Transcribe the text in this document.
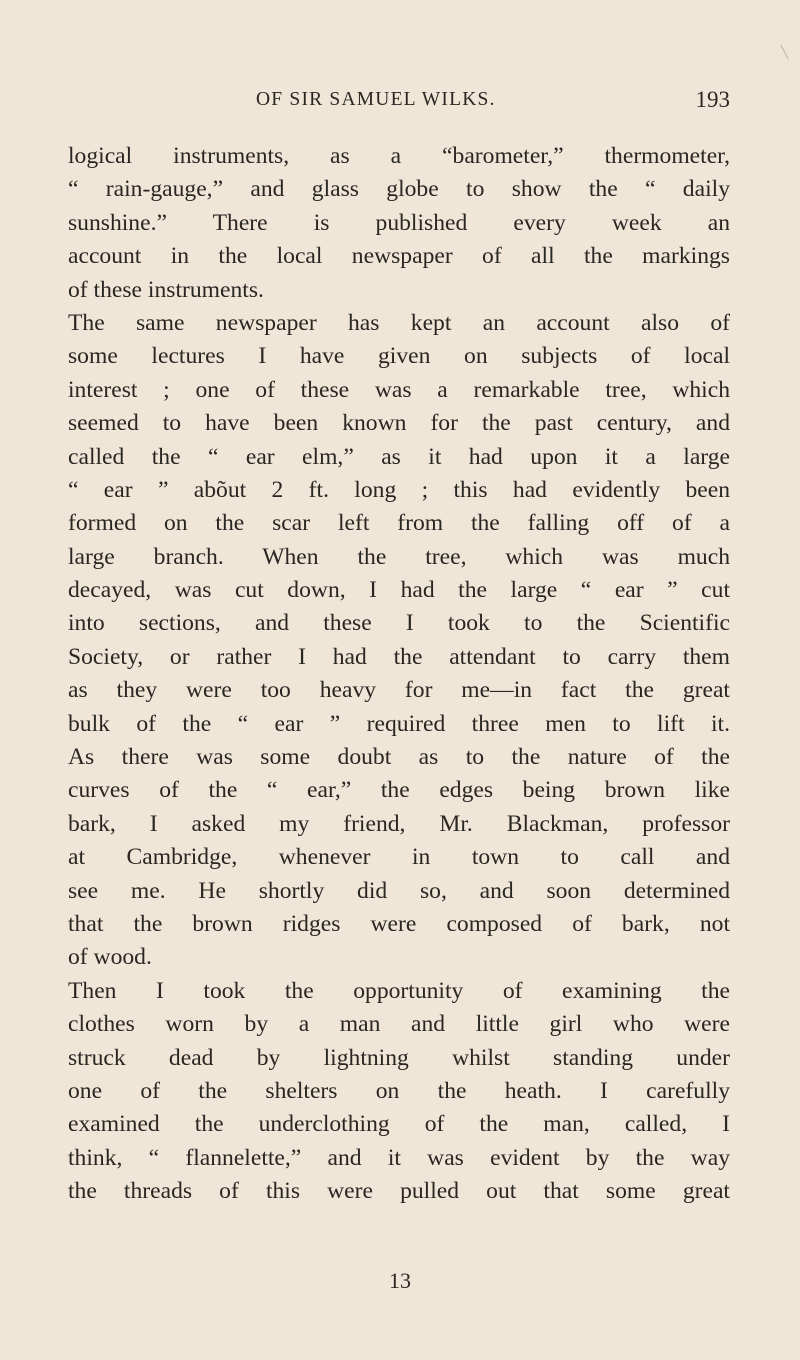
OF SIR SAMUEL WILKS.	193
logical instruments, as a “barometer,” thermometer,
“ rain-gauge,” and glass globe to show the “ daily
sunshine.” There is published every week an
account in the local newspaper of all the markings
of these instruments.
The same newspaper has kept an account also of
some lectures I have given on subjects of local
interest ; one of these was a remarkable tree, which
seemed to have been known for the past century, and
called the “ ear elm,” as it had upon it a large
“ ear ” abõut 2 ft. long ; this had evidently been
formed on the scar left from the falling off of a
large branch. When the tree, which was much
decayed, was cut down, I had the large “ ear ” cut
into sections, and these I took to the Scientific
Society, or rather I had the attendant to carry them
as they were too heavy for me—in fact the great
bulk of the “ ear ” required three men to lift it.
As there was some doubt as to the nature of the
curves of the “ ear,” the edges being brown like
bark, I asked my friend, Mr. Blackman, professor
at Cambridge, whenever in town to call and
see me. He shortly did so, and soon determined
that the brown ridges were composed of bark, not
of wood.
Then I took the opportunity of examining the
clothes worn by a man and little girl who were
struck dead by lightning whilst standing under
one of the shelters on the heath. I carefully
examined the underclothing of the man, called, I
think, “ flannelette,” and it was evident by the way
the threads of this were pulled out that some great
13
